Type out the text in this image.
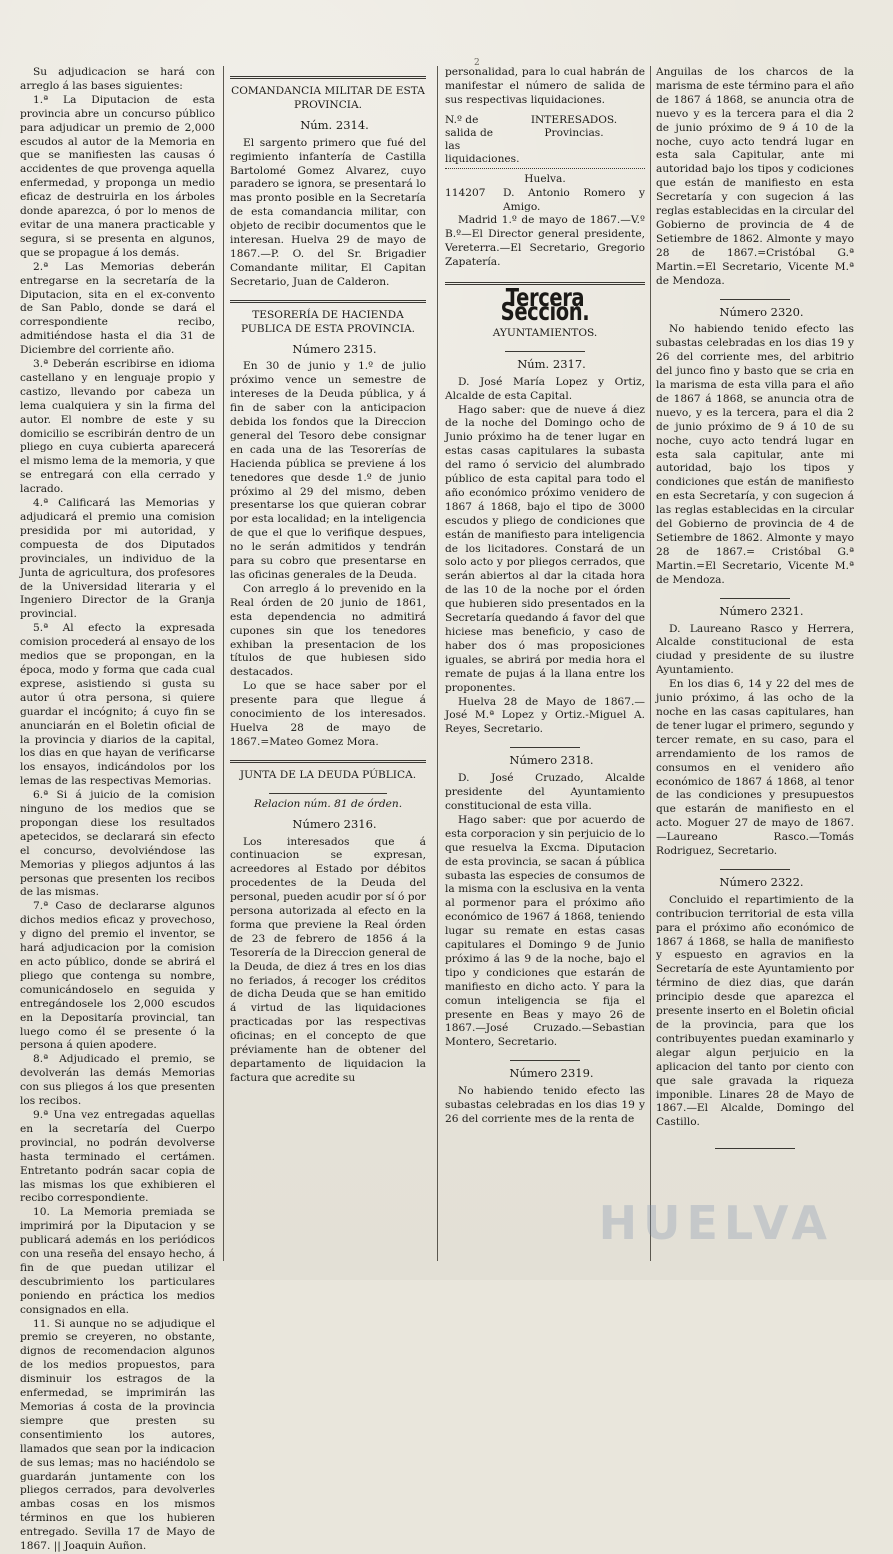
2

Su adjudicacion se hará con arreglo á las bases siguientes:

1.ª La Diputacion de esta provincia abre un concurso público para adjudicar un premio de 2,000 escudos al autor de la Memoria en que se manifiesten las causas ó accidentes de que provenga aquella enfermedad, y proponga un medio eficaz de destruirla en los árboles donde aparezca, ó por lo menos de evitar de una manera practicable y segura, si se presenta en algunos, que se propague á los demás.

2.ª Las Memorias deberán entregarse en la secretaría de la Diputacion, sita en el ex-convento de San Pablo, donde se dará el correspondiente recibo, admitiéndose hasta el dia 31 de Diciembre del corriente año.

3.ª Deberán escribirse en idioma castellano y en lenguaje propio y castizo, llevando por cabeza un lema cualquiera y sin la firma del autor. El nombre de este y su domicilio se escribirán dentro de un pliego en cuya cubierta aparecerá el mismo lema de la memoria, y que se entregará con ella cerrado y lacrado.

4.ª Calificará las Memorias y adjudicará el premio una comision presidida por mi autoridad, y compuesta de dos Diputados provinciales, un individuo de la Junta de agricultura, dos profesores de la Universidad literaria y el Ingeniero Director de la Granja provincial.

5.ª Al efecto la expresada comision procederá al ensayo de los medios que se propongan, en la época, modo y forma que cada cual exprese, asistiendo si gusta su autor ú otra persona, si quiere guardar el incógnito; á cuyo fin se anunciarán en el Boletin oficial de la provincia y diarios de la capital, los dias en que hayan de verificarse los ensayos, indicándolos por los lemas de las respectivas Memorias.

6.ª Si á juicio de la comision ninguno de los medios que se propongan diese los resultados apetecidos, se declarará sin efecto el concurso, devolviéndose las Memorias y pliegos adjuntos á las personas que presenten los recibos de las mismas.

7.ª Caso de declararse algunos dichos medios eficaz y provechoso, y digno del premio el inventor, se hará adjudicacion por la comision en acto público, donde se abrirá el pliego que contenga su nombre, comunicándoselo en seguida y entregándosele los 2,000 escudos en la Depositaría provincial, tan luego como él se presente ó la persona á quien apodere.

8.ª Adjudicado el premio, se devolverán las demás Memorias con sus pliegos á los que presenten los recibos.

9.ª Una vez entregadas aquellas en la secretaría del Cuerpo provincial, no podrán devolverse hasta terminado el certámen. Entretanto podrán sacar copia de las mismas los que exhibieren el recibo correspondiente.

10. La Memoria premiada se imprimirá por la Diputacion y se publicará además en los periódicos con una reseña del ensayo hecho, á fin de que puedan utilizar el descubrimiento los particulares poniendo en práctica los medios consignados en ella.

11. Si aunque no se adjudique el premio se creyeren, no obstante, dignos de recomendacion algunos de los medios propuestos, para disminuir los estragos de la enfermedad, se imprimirán las Memorias á costa de la provincia siempre que presten su consentimiento los autores, llamados que sean por la indicacion de sus lemas; mas no haciéndolo se guardarán juntamente con los pliegos cerrados, para devolverles ambas cosas en los mismos términos en que los hubieren entregado. Sevilla 17 de Mayo de 1867. || Joaquin Auñon.

COMANDANCIA MILITAR DE ESTA PROVINCIA.

Núm. 2314.

El sargento primero que fué del regimiento infantería de Castilla Bartolomé Gomez Alvarez, cuyo paradero se ignora, se presentará lo mas pronto posible en la Secretaría de esta comandancia militar, con objeto de recibir documentos que le interesan. Huelva 29 de mayo de 1867.—P. O. del Sr. Brigadier Comandante militar, El Capitan Secretario, Juan de Calderon.

TESORERÍA DE HACIENDA PUBLICA DE ESTA PROVINCIA.

Número 2315.

En 30 de junio y 1.º de julio próximo vence un semestre de intereses de la Deuda pública, y á fin de saber con la anticipacion debida los fondos que la Direccion general del Tesoro debe consignar en cada una de las Tesorerías de Hacienda pública se previene á los tenedores que desde 1.º de junio próximo al 29 del mismo, deben presentarse los que quieran cobrar por esta localidad; en la inteligencia de que el que lo verifique despues, no le serán admitidos y tendrán para su cobro que presentarse en las oficinas generales de la Deuda.

Con arreglo á lo prevenido en la Real órden de 20 junio de 1861, esta dependencia no admitirá cupones sin que los tenedores exhiban la presentacion de los títulos de que hubiesen sido destacados.

Lo que se hace saber por el presente para que llegue á conocimiento de los interesados. Huelva 28 de mayo de 1867.=Mateo Gomez Mora.

JUNTA DE LA DEUDA PÚBLICA.

Relacion núm. 81 de órden.

Número 2316.

Los interesados que á continuacion se expresan, acreedores al Estado por débitos procedentes de la Deuda del personal, pueden acudir por sí ó por persona autorizada al efecto en la forma que previene la Real órden de 23 de febrero de 1856 á la Tesorería de la Direccion general de la Deuda, de diez á tres en los dias no feriados, á recoger los créditos de dicha Deuda que se han emitido á virtud de las liquidaciones practicadas por las respectivas oficinas; en el concepto de que préviamente han de obtener del departamento de liquidacion la factura que acredite su

personalidad, para lo cual habrán de manifestar el número de salida de sus respectivas liquidaciones.

N.º de salida de las liquidaciones.
INTERESADOS.
Provincias.

Huelva.

114207	D. Antonio Romero y Amigo.

Madrid 1.º de mayo de 1867.—V.º B.º—El Director general presidente, Vereterra.—El Secretario, Gregorio Zapatería.

Tercera Seccion.

AYUNTAMIENTOS.

Núm. 2317.

D. José María Lopez y Ortiz, Alcalde de esta Capital.

Hago saber: que de nueve á diez de la noche del Domingo ocho de Junio próximo ha de tener lugar en estas casas capitulares la subasta del ramo ó servicio del alumbrado público de esta capital para todo el año económico próximo venidero de 1867 á 1868, bajo el tipo de 3000 escudos y pliego de condiciones que están de manifiesto para inteligencia de los licitadores. Constará de un solo acto y por pliegos cerrados, que serán abiertos al dar la citada hora de las 10 de la noche por el órden que hubieren sido presentados en la Secretaría quedando á favor del que hiciese mas beneficio, y caso de haber dos ó mas proposiciones iguales, se abrirá por media hora el remate de pujas á la llana entre los proponentes.

Huelva 28 de Mayo de 1867.—José M.ª Lopez y Ortiz.-Miguel A. Reyes, Secretario.

Número 2318.

D. José Cruzado, Alcalde presidente del Ayuntamiento constitucional de esta villa.

Hago saber: que por acuerdo de esta corporacion y sin perjuicio de lo que resuelva la Excma. Diputacion de esta provincia, se sacan á pública subasta las especies de consumos de la misma con la esclusiva en la venta al pormenor para el próximo año económico de 1967 á 1868, teniendo lugar su remate en estas casas capitulares el Domingo 9 de Junio próximo á las 9 de la noche, bajo el tipo y condiciones que estarán de manifiesto en dicho acto. Y para la comun inteligencia se fija el presente en Beas y mayo 26 de 1867.—José Cruzado.—Sebastian Montero, Secretario.

Número 2319.

No habiendo tenido efecto las subastas celebradas en los dias 19 y 26 del corriente mes de la renta de

Anguilas de los charcos de la marisma de este término para el año de 1867 á 1868, se anuncia otra de nuevo y es la tercera para el dia 2 de junio próximo de 9 á 10 de la noche, cuyo acto tendrá lugar en esta sala Capitular, ante mi autoridad bajo los tipos y codiciones que están de manifiesto en esta Secretaría y con sugecion á las reglas establecidas en la circular del Gobierno de provincia de 4 de Setiembre de 1862. Almonte y mayo 28 de 1867.=Cristóbal G.ª Martin.=El Secretario, Vicente M.ª de Mendoza.

Número 2320.

No habiendo tenido efecto las subastas celebradas en los dias 19 y 26 del corriente mes, del arbitrio del junco fino y basto que se cria en la marisma de esta villa para el año de 1867 á 1868, se anuncia otra de nuevo, y es la tercera, para el dia 2 de junio próximo de 9 á 10 de su noche, cuyo acto tendrá lugar en esta sala capitular, ante mi autoridad, bajo los tipos y condiciones que están de manifiesto en esta Secretaría, y con sugecion á las reglas establecidas en la circular del Gobierno de provincia de 4 de Setiembre de 1862. Almonte y mayo 28 de 1867.= Cristóbal G.ª Martin.=El Secretario, Vicente M.ª de Mendoza.

Número 2321.

D. Laureano Rasco y Herrera, Alcalde constitucional de esta ciudad y presidente de su ilustre Ayuntamiento.

En los dias 6, 14 y 22 del mes de junio próximo, á las ocho de la noche en las casas capitulares, han de tener lugar el primero, segundo y tercer remate, en su caso, para el arrendamiento de los ramos de consumos en el venidero año económico de 1867 á 1868, al tenor de las condiciones y presupuestos que estarán de manifiesto en el acto. Moguer 27 de mayo de 1867. —Laureano Rasco.—Tomás Rodriguez, Secretario.

Número 2322.

Concluido el repartimiento de la contribucion territorial de esta villa para el próximo año económico de 1867 á 1868, se halla de manifiesto y espuesto en agravios en la Secretaría de este Ayuntamiento por término de diez dias, que darán principio desde que aparezca el presente inserto en el Boletin oficial de la provincia, para que los contribuyentes puedan examinarlo y alegar algun perjuicio en la aplicacion del tanto por ciento con que sale gravada la riqueza imponible. Linares 28 de Mayo de 1867.—El Alcalde, Domingo del Castillo.

HUELVA
